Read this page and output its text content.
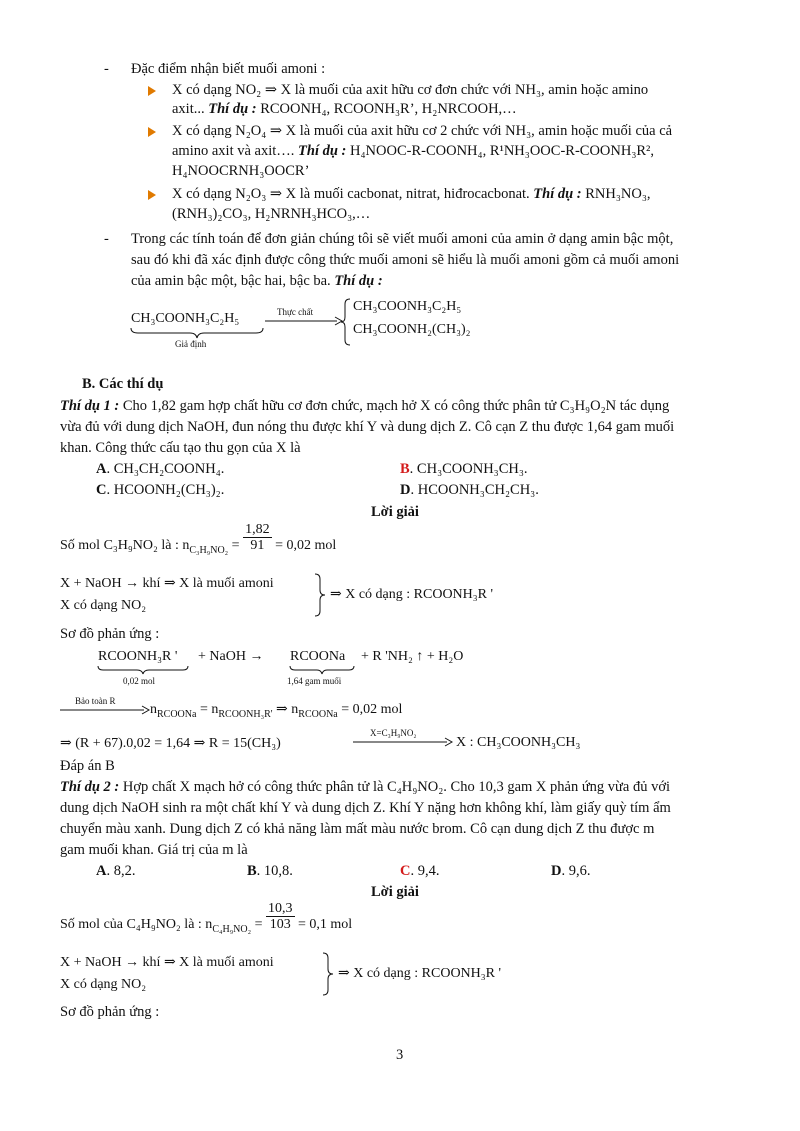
- Đặc điểm nhận biết muối amoni :
X có dạng NO₂ ⇒ X là muối của axit hữu cơ đơn chức với NH₃, amin hoặc amino
axit... Thí dụ : RCOONH₄, RCOONH₃R’, H₂NRCOOH,…
X có dạng N₂O₄ ⇒ X là muối của axit hữu cơ 2 chức với NH₃, amin hoặc muối của cả
amino axit và axit…. Thí dụ : H₄NOOC-R-COONH₄, R¹NH₃OOC-R-COONH₃R²,
H₄NOOCRNH₃OOCR’
X có dạng N₂O₃ ⇒ X là muối cacbonat, nitrat, hiđrocacbonat. Thí dụ : RNH₃NO₃,
(RNH₃)₂CO₃, H₂NRNH₃HCO₃,…
- Trong các tính toán để đơn giản chúng tôi sẽ viết muối amoni của amin ở dạng amin bậc một,
sau đó khi đã xác định được công thức muối amoni sẽ hiểu là muối amoni gồm cả muối amoni
của amin bậc một, bậc hai, bậc ba. Thí dụ :
CH₃COONH₃C₂H₅
Giả định
Thực chất	CH₃COONH₃C₂H₅
CH₃COONH₂(CH₃)₂
B. Các thí dụ
Thí dụ 1 : Cho 1,82 gam hợp chất hữu cơ đơn chức, mạch hở X có công thức phân tử C₃H₉O₂N tác dụng
vừa đủ với dung dịch NaOH, đun nóng thu được khí Y và dung dịch Z. Cô cạn Z thu được 1,64 gam muối
khan. Công thức cấu tạo thu gọn của X là
A. CH₃CH₂COONH₄.	B. CH₃COONH₃CH₃.
C. HCOONH₂(CH₃)₂.	D. HCOONH₃CH₂CH₃.
Lời giải
Số mol C₃H₉NO₂ là : $n_{C_3H_9NO_2} = \frac{1,82}{91} = 0,02$ mol
X + NaOH → khí ⇒ X là muối amoni
X có dạng NO₂
⇒ X có dạng : RCOONH₃R '
Sơ đồ phản ứng :
RCOONH₃R '
0,02 mol
+ NaOH → RCOONa
1,64 gam muối
+ R 'NH₂ ↑ + H₂O
Bảo toàn R
$n_{RCOONa} = n_{RCOONH_3R'}$ ⇒ $n_{RCOONa} = 0,02$ mol
⇒ (R + 67).0,02 = 1,64 ⇒ R = 15(CH₃)
X=C₃H₉NO₂
X : CH₃COONH₃CH₃
Đáp án B
Thí dụ 2 : Hợp chất X mạch hở có công thức phân tử là C₄H₉NO₂. Cho 10,3 gam X phản ứng vừa đủ với
dung dịch NaOH sinh ra một chất khí Y và dung dịch Z. Khí Y nặng hơn không khí, làm giấy quỳ tím ẩm
chuyển màu xanh. Dung dịch Z có khả năng làm mất màu nước brom. Cô cạn dung dịch Z thu được m
gam muối khan. Giá trị của m là
A. 8,2.	B. 10,8.	C. 9,4.	D. 9,6.
Lời giải
Số mol của C₄H₉NO₂ là : $n_{C_4H_9NO_2} = \frac{10,3}{103} = 0,1$ mol
X + NaOH → khí ⇒ X là muối amoni
X có dạng NO₂
⇒ X có dạng : RCOONH₃R '
Sơ đồ phản ứng :
3
